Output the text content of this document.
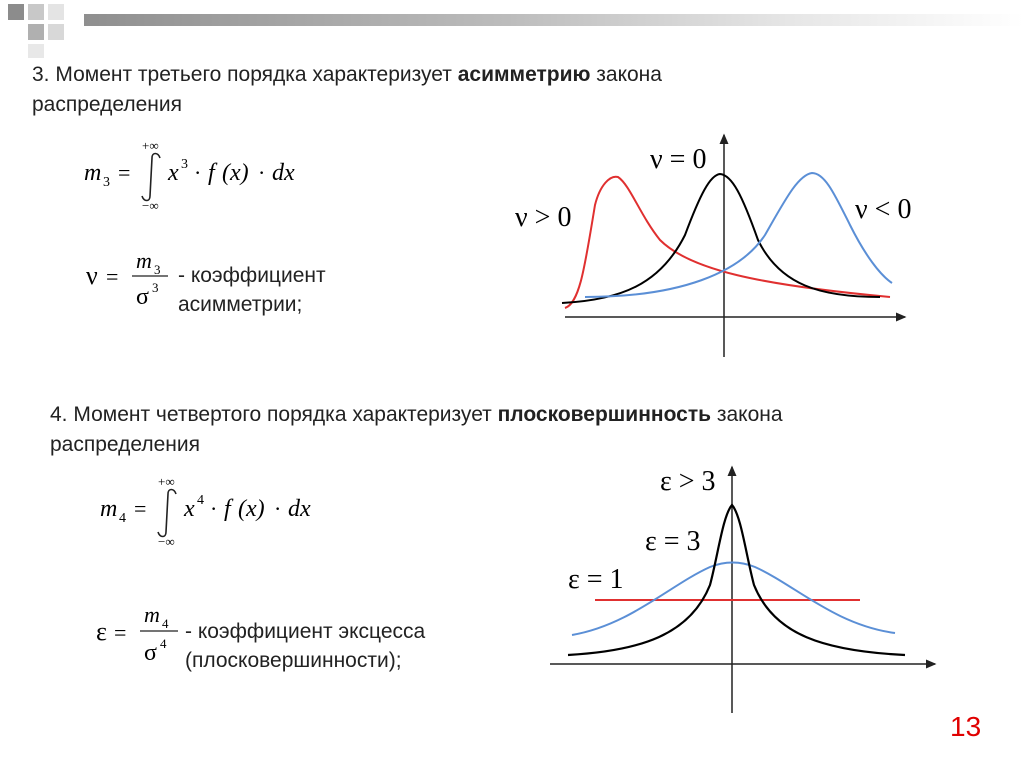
3. Момент третьего порядка характеризует асимметрию закона
распределения
m 3 =
+∞
−∞
x 3 · f (x) · dx
ν =
m 3
σ 3
- коэффициент
асимметрии;
ν > 0
ν = 0
ν < 0
4. Момент четвертого порядка характеризует плосковершинность закона
распределения
m 4 =
+∞
−∞
x 4 · f (x) · dx
ε =
m 4
σ 4
- коэффициент эксцесса
(плосковершинности);
ε > 3
ε = 3
ε = 1
13
